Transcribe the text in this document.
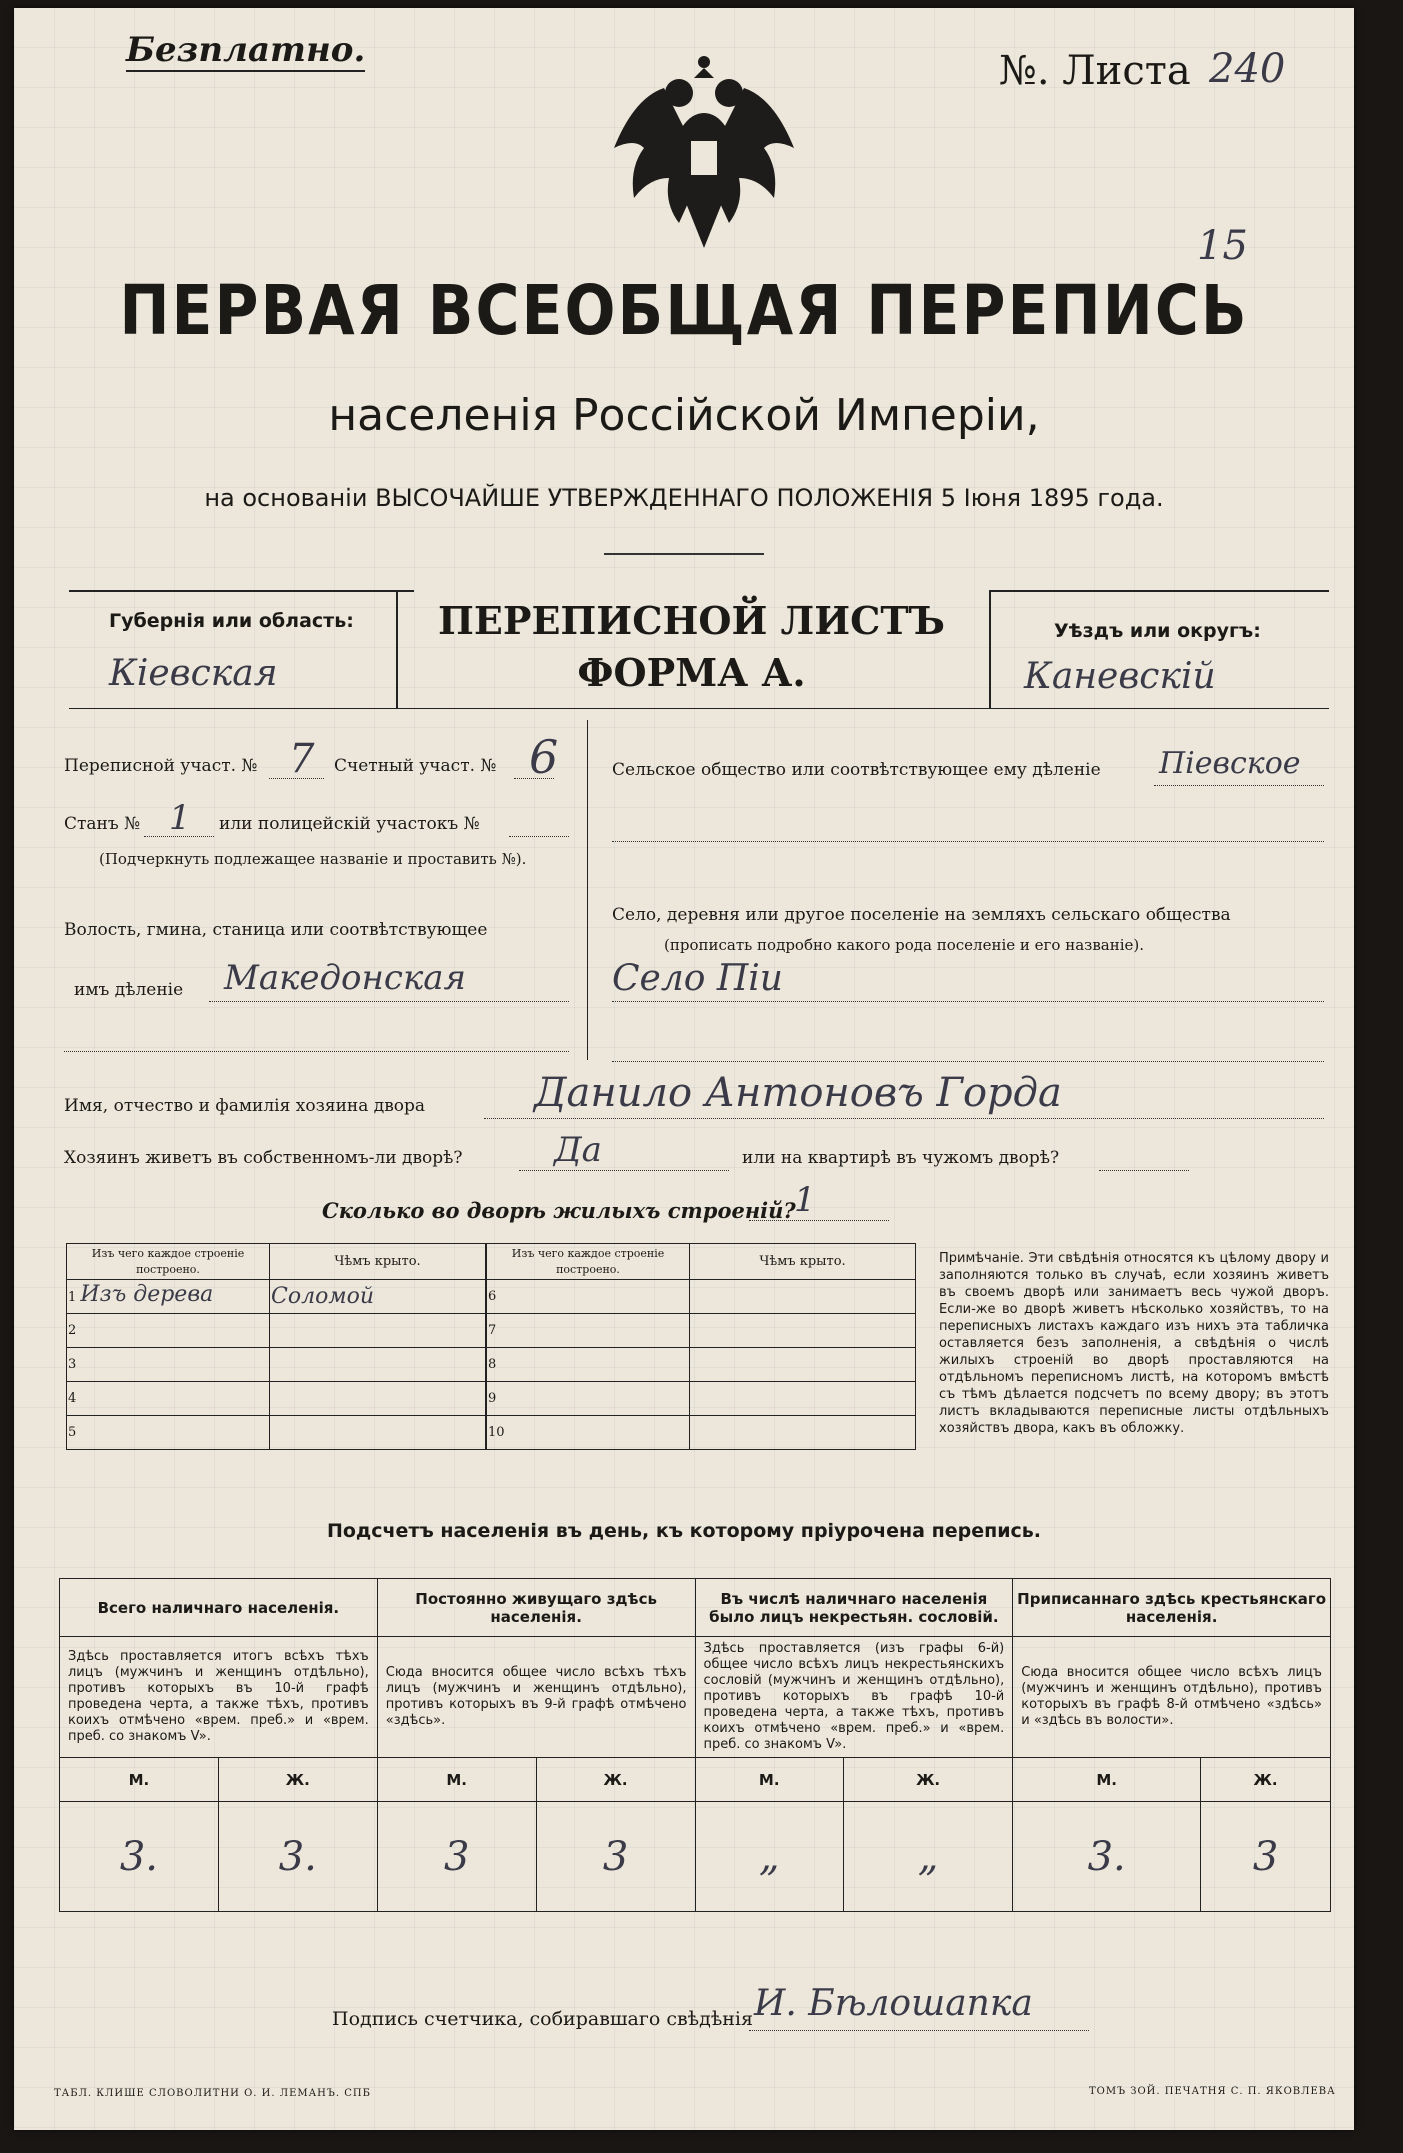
Безплатно.	№. Листа 240
15
ПЕРВАЯ ВСЕОБЩАЯ ПЕРЕПИСЬ
населенія Россійской Имперіи,
на основаніи ВЫСОЧАЙШЕ УТВЕРЖДЕННАГО ПОЛОЖЕНІЯ 5 Іюня 1895 года.
Губернія или область:
Кіевская
ПЕРЕПИСНОЙ ЛИСТЪ
ФОРМА А.
Уѣздъ или округъ:
Каневскій
Переписной участ. № 7 Счетный участ. № 6
Станъ № 1 или полицейскій участокъ №
(Подчеркнуть подлежащее названіе и проставить №).
Волость, гмина, станица или соотвѣтствующее
имъ дѣленіе Македонская
Сельское общество или соотвѣтствующее ему дѣленіе Піевское
Село, деревня или другое поселеніе на земляхъ сельскаго общества
(прописать подробно какого рода поселеніе и его названіе).
Село Піи
Имя, отчество и фамилія хозяина двора	Данило Антоновъ Горда
Хозяинъ живетъ въ собственномъ-ли дворѣ?	Да	или на квартирѣ въ чужомъ дворѣ?
Сколько во дворѣ жилыхъ строеній?
1
Изъ чего каждое строеніе построено.	Чѣмъ крыто.
1 Изъ дерева	Соломой
2	
3	
4	
5	
Изъ чего каждое строеніе построено.	Чѣмъ крыто.
6	
7	
8	
9	
10	
Примѣчаніе. Эти свѣдѣнія относятся къ цѣлому двору и заполняются только въ случаѣ, если хозяинъ живетъ въ своемъ дворѣ или занимаетъ весь чужой дворъ. Если-же во дворѣ живетъ нѣсколько хозяйствъ, то на переписныхъ листахъ каждаго изъ нихъ эта табличка оставляется безъ заполненія, а свѣдѣнія о числѣ жилыхъ строеній во дворѣ проставляются на отдѣльномъ переписномъ листѣ, на которомъ вмѣстѣ съ тѣмъ дѣлается подсчетъ по всему двору; въ этотъ листъ вкладываются переписные листы отдѣльныхъ хозяйствъ двора, какъ въ обложку.
Подсчетъ населенія въ день, къ которому пріурочена перепись.
Всего наличнаго населенія.		Постоянно живущаго здѣсь населенія.		Въ числѣ наличнаго населенія было лицъ некрестьян. сословій.		Приписаннаго здѣсь крестьянскаго населенія.	
Здѣсь проставляется итогъ всѣхъ тѣхъ лицъ (мужчинъ и женщинъ отдѣльно), противъ которыхъ въ 10-й графѣ проведена черта, а также тѣхъ, противъ коихъ отмѣчено «врем. преб.» и «врем. преб. со знакомъ V».		Сюда вносится общее число всѣхъ тѣхъ лицъ (мужчинъ и женщинъ отдѣльно), противъ которыхъ въ 9-й графѣ отмѣчено «здѣсь».		Здѣсь проставляется (изъ графы 6-й) общее число всѣхъ лицъ некрестьянскихъ сословій (мужчинъ и женщинъ отдѣльно), противъ которыхъ въ графѣ 10-й проведена черта, а также тѣхъ, противъ коихъ отмѣчено «врем. преб.» и «врем. преб. со знакомъ V».		Сюда вносится общее число всѣхъ лицъ (мужчинъ и женщинъ отдѣльно), противъ которыхъ въ графѣ 8-й отмѣчено «здѣсь» и «здѣсь въ волости».	
М.	Ж.	М.	Ж.	М.	Ж.	М.	Ж.
3.	3.	3	3	„	„	3.	3
Подпись счетчика, собиравшаго свѣдѣнія И. Бѣлошапка
ТАБЛ. КЛИШЕ СЛОВОЛИТНИ О. И. ЛЕМАНЪ. СПБ	ТОМЪ ЗОЙ. ПЕЧАТНЯ С. П. ЯКОВЛЕВА
